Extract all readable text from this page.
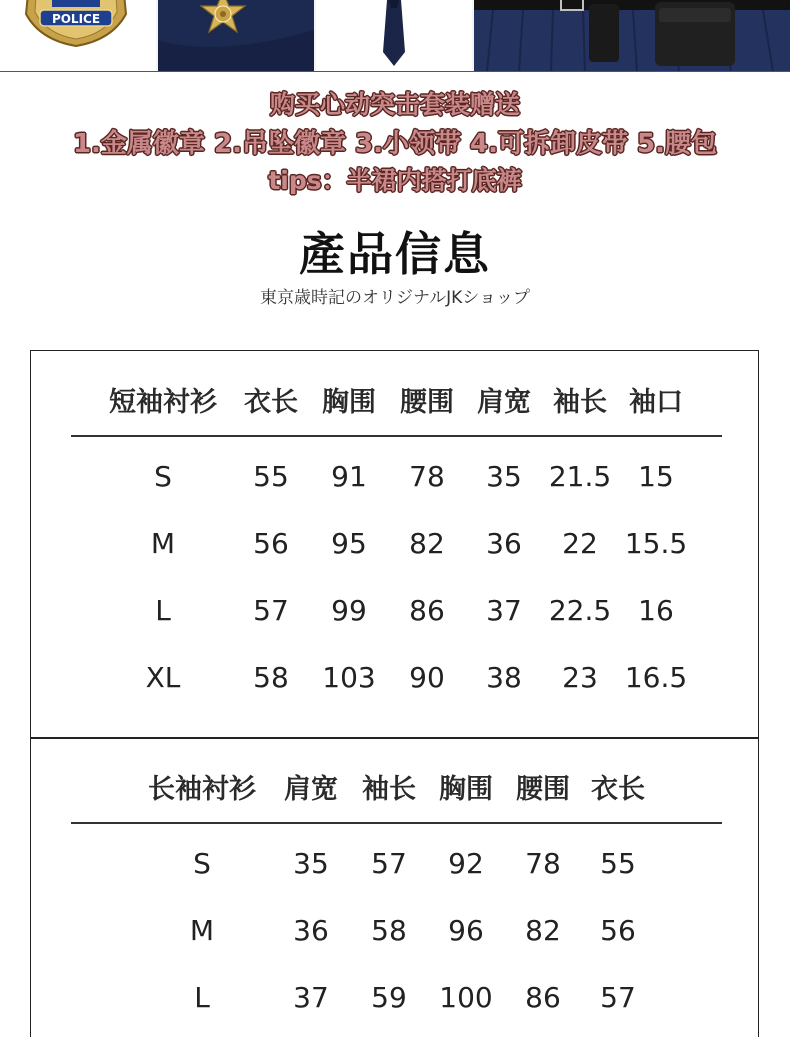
POLICE
购买心动突击套装赠送
1.金属徽章 2.吊坠徽章 3.小领带 4.可拆卸皮带 5.腰包
tips：半裙内搭打底裤
產品信息
東京歳時記のオリジナルJKショップ
短袖衬衫 衣长 胸围 腰围 肩宽 袖长 袖口
S	55 91 78 35 21.5 15
M	56 95 82 36 22 15.5
L	57 99 86 37 22.5 16
XL	58 103 90 38 23 16.5
长袖衬衫 肩宽 袖长 胸围 腰围 衣长
S	35 57 92 78 55
M	36 58 96 82 56
L	37 59 100 86 57
